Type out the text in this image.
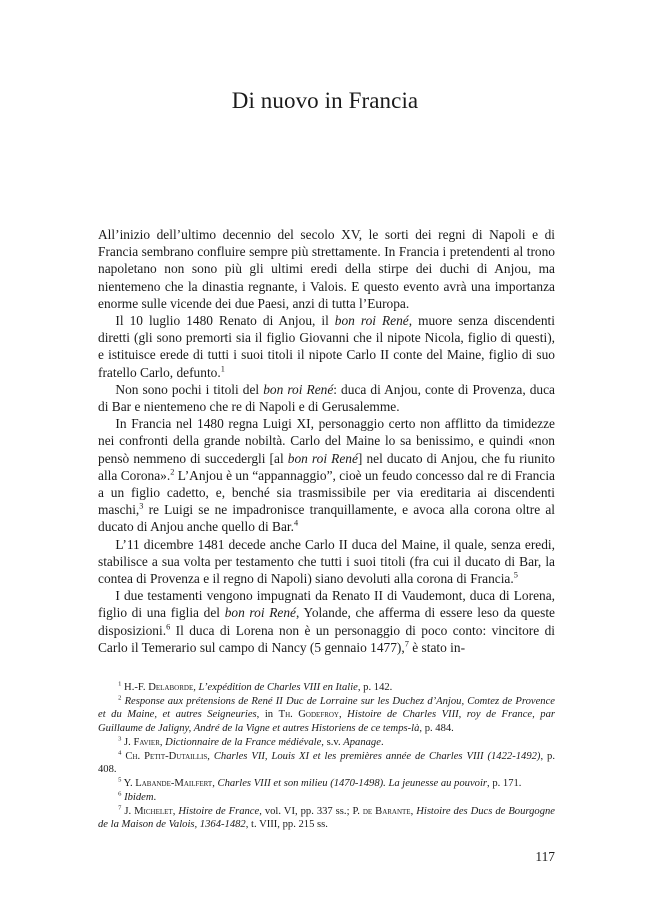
Di nuovo in Francia

All’inizio dell’ultimo decennio del secolo XV, le sorti dei regni di Napoli e di Francia sembrano confluire sempre più strettamente. In Francia i pretendenti al trono napoletano non sono più gli ultimi eredi della stirpe dei duchi di Anjou, ma nientemeno che la dinastia regnante, i Valois. E questo evento avrà una importanza enorme sulle vicende dei due Paesi, anzi di tutta l’Europa.

Il 10 luglio 1480 Renato di Anjou, il bon roi René, muore senza discendenti diretti (gli sono premorti sia il figlio Giovanni che il nipote Nicola, figlio di questi), e istituisce erede di tutti i suoi titoli il nipote Carlo II conte del Maine, figlio di suo fratello Carlo, defunto.$^1$

Non sono pochi i titoli del bon roi René: duca di Anjou, conte di Provenza, duca di Bar e nientemeno che re di Napoli e di Gerusalemme.

In Francia nel 1480 regna Luigi XI, personaggio certo non afflitto da timidezze nei confronti della grande nobiltà. Carlo del Maine lo sa benissimo, e quindi «non pensò nemmeno di succedergli [al bon roi René] nel ducato di Anjou, che fu riunito alla Corona».$^2$ L’Anjou è un “appannaggio”, cioè un feudo concesso dal re di Francia a un figlio cadetto, e, benché sia trasmissibile per via ereditaria ai discendenti maschi,$^3$ re Luigi se ne impadronisce tranquillamente, e avoca alla corona oltre al ducato di Anjou anche quello di Bar.$^4$

L’11 dicembre 1481 decede anche Carlo II duca del Maine, il quale, senza eredi, stabilisce a sua volta per testamento che tutti i suoi titoli (fra cui il ducato di Bar, la contea di Provenza e il regno di Napoli) siano devoluti alla corona di Francia.$^5$

I due testamenti vengono impugnati da Renato II di Vaudemont, duca di Lorena, figlio di una figlia del bon roi René, Yolande, che afferma di essere leso da queste disposizioni.$^6$ Il duca di Lorena non è un personaggio di poco conto: vincitore di Carlo il Temerario sul campo di Nancy (5 gennaio 1477),$^7$ è stato in-

$^1$ H.-F. Delaborde, L’expédition de Charles VIII en Italie, p. 142.
$^2$ Response aux prétensions de René II Duc de Lorraine sur les Duchez d’Anjou, Comtez de Provence et du Maine, et autres Seigneuries, in Th. Godefroy, Histoire de Charles VIII, roy de France, par Guillaume de Jaligny, André de la Vigne et autres Historiens de ce temps-là, p. 484.
$^3$ J. Favier, Dictionnaire de la France médiévale, s.v. Apanage.
$^4$ Ch. Petit-Dutaillis, Charles VII, Louis XI et les premières année de Charles VIII (1422-1492), p. 408.
$^5$ Y. Labande-Mailfert, Charles VIII et son milieu (1470-1498). La jeunesse au pouvoir, p. 171.
$^6$ Ibidem.
$^7$ J. Michelet, Histoire de France, vol. VI, pp. 337 ss.; P. de Barante, Histoire des Ducs de Bourgogne de la Maison de Valois, 1364-1482, t. VIII, pp. 215 ss.
117
